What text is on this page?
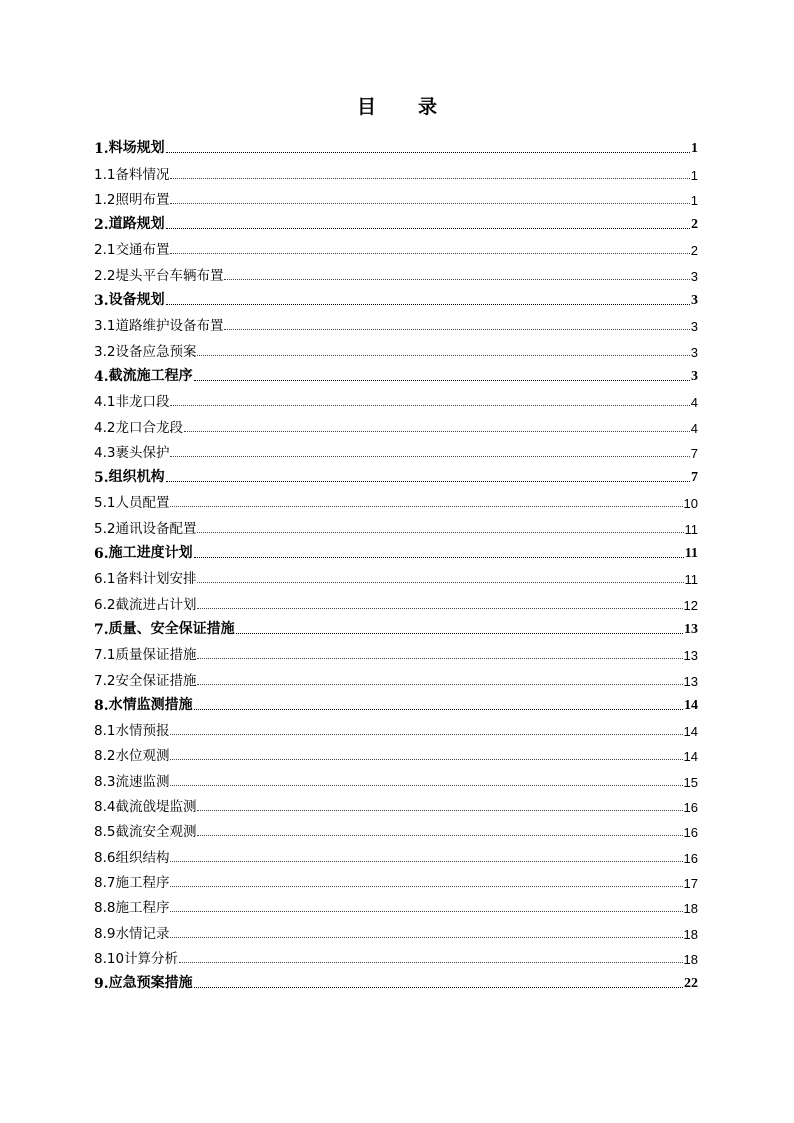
目 录
1. 料场规划	1
1.1 备料情况	1
1.2 照明布置	1
2. 道路规划	2
2.1 交通布置	2
2.2 堤头平台车辆布置	3
3. 设备规划	3
3.1 道路维护设备布置	3
3.2 设备应急预案	3
4. 截流施工程序	3
4.1 非龙口段	4
4.2 龙口合龙段	4
4.3 裹头保护	7
5. 组织机构	7
5.1 人员配置	10
5.2 通讯设备配置	11
6. 施工进度计划	11
6.1 备料计划安排	11
6.2 截流进占计划	12
7. 质量、安全保证措施	13
7.1 质量保证措施	13
7.2 安全保证措施	13
8. 水情监测措施	14
8.1 水情预报	14
8.2 水位观测	14
8.3 流速监测	15
8.4 截流戗堤监测	16
8.5 截流安全观测	16
8.6 组织结构	16
8.7 施工程序	17
8.8 施工程序	18
8.9 水情记录	18
8.10 计算分析	18
9. 应急预案措施	22
